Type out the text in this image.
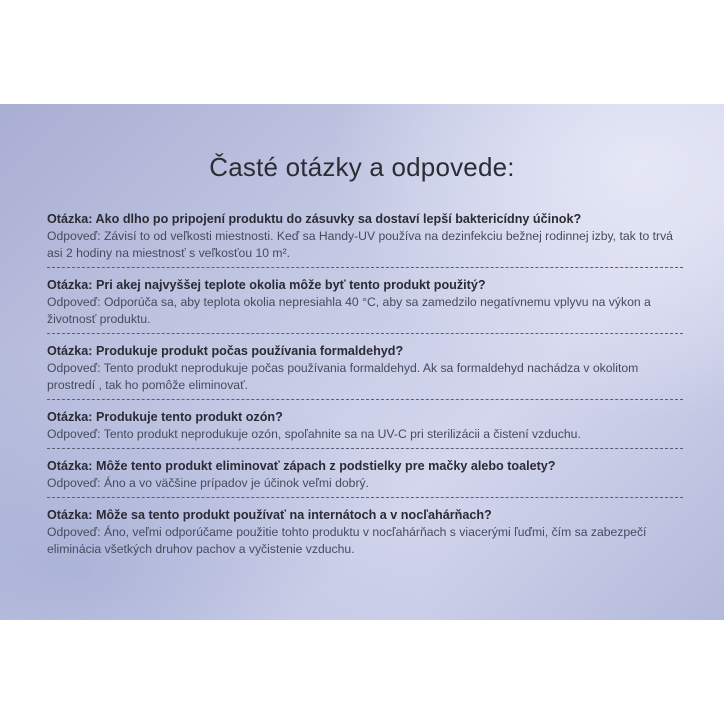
Časté otázky a odpovede:
Otázka: Ako dlho po pripojení produktu do zásuvky sa dostaví lepší baktericídny účinok?
Odpoveď: Závisí to od veľkosti miestnosti. Keď sa Handy-UV používa na dezinfekciu bežnej rodinnej izby, tak to trvá asi 2 hodiny na miestnosť s veľkosťou 10 m².
Otázka: Pri akej najvyššej teplote okolia môže byť tento produkt použitý?
Odpoveď: Odporúča sa, aby teplota okolia nepresiahla 40 °C, aby sa zamedzilo negatívnemu vplyvu na výkon a životnosť produktu.
Otázka: Produkuje produkt počas používania formaldehyd?
Odpoveď: Tento produkt neprodukuje počas používania formaldehyd. Ak sa formaldehyd nachádza v okolitom prostredí , tak ho pomôže eliminovať.
Otázka: Produkuje tento produkt ozón?
Odpoveď: Tento produkt neprodukuje ozón, spoľahnite sa na UV-C pri sterilizácii a čistení vzduchu.
Otázka: Môže tento produkt eliminovať zápach z podstielky pre mačky alebo toalety?
Odpoveď: Áno a vo väčšine prípadov je účinok veľmi dobrý.
Otázka: Môže sa tento produkt používať na internátoch a v nocľahárňach?
Odpoveď: Áno, veľmi odporúčame použitie tohto produktu v nocľahárňach s viacerými ľuďmi, čím sa zabezpečí eliminácia všetkých druhov pachov a vyčistenie vzduchu.
